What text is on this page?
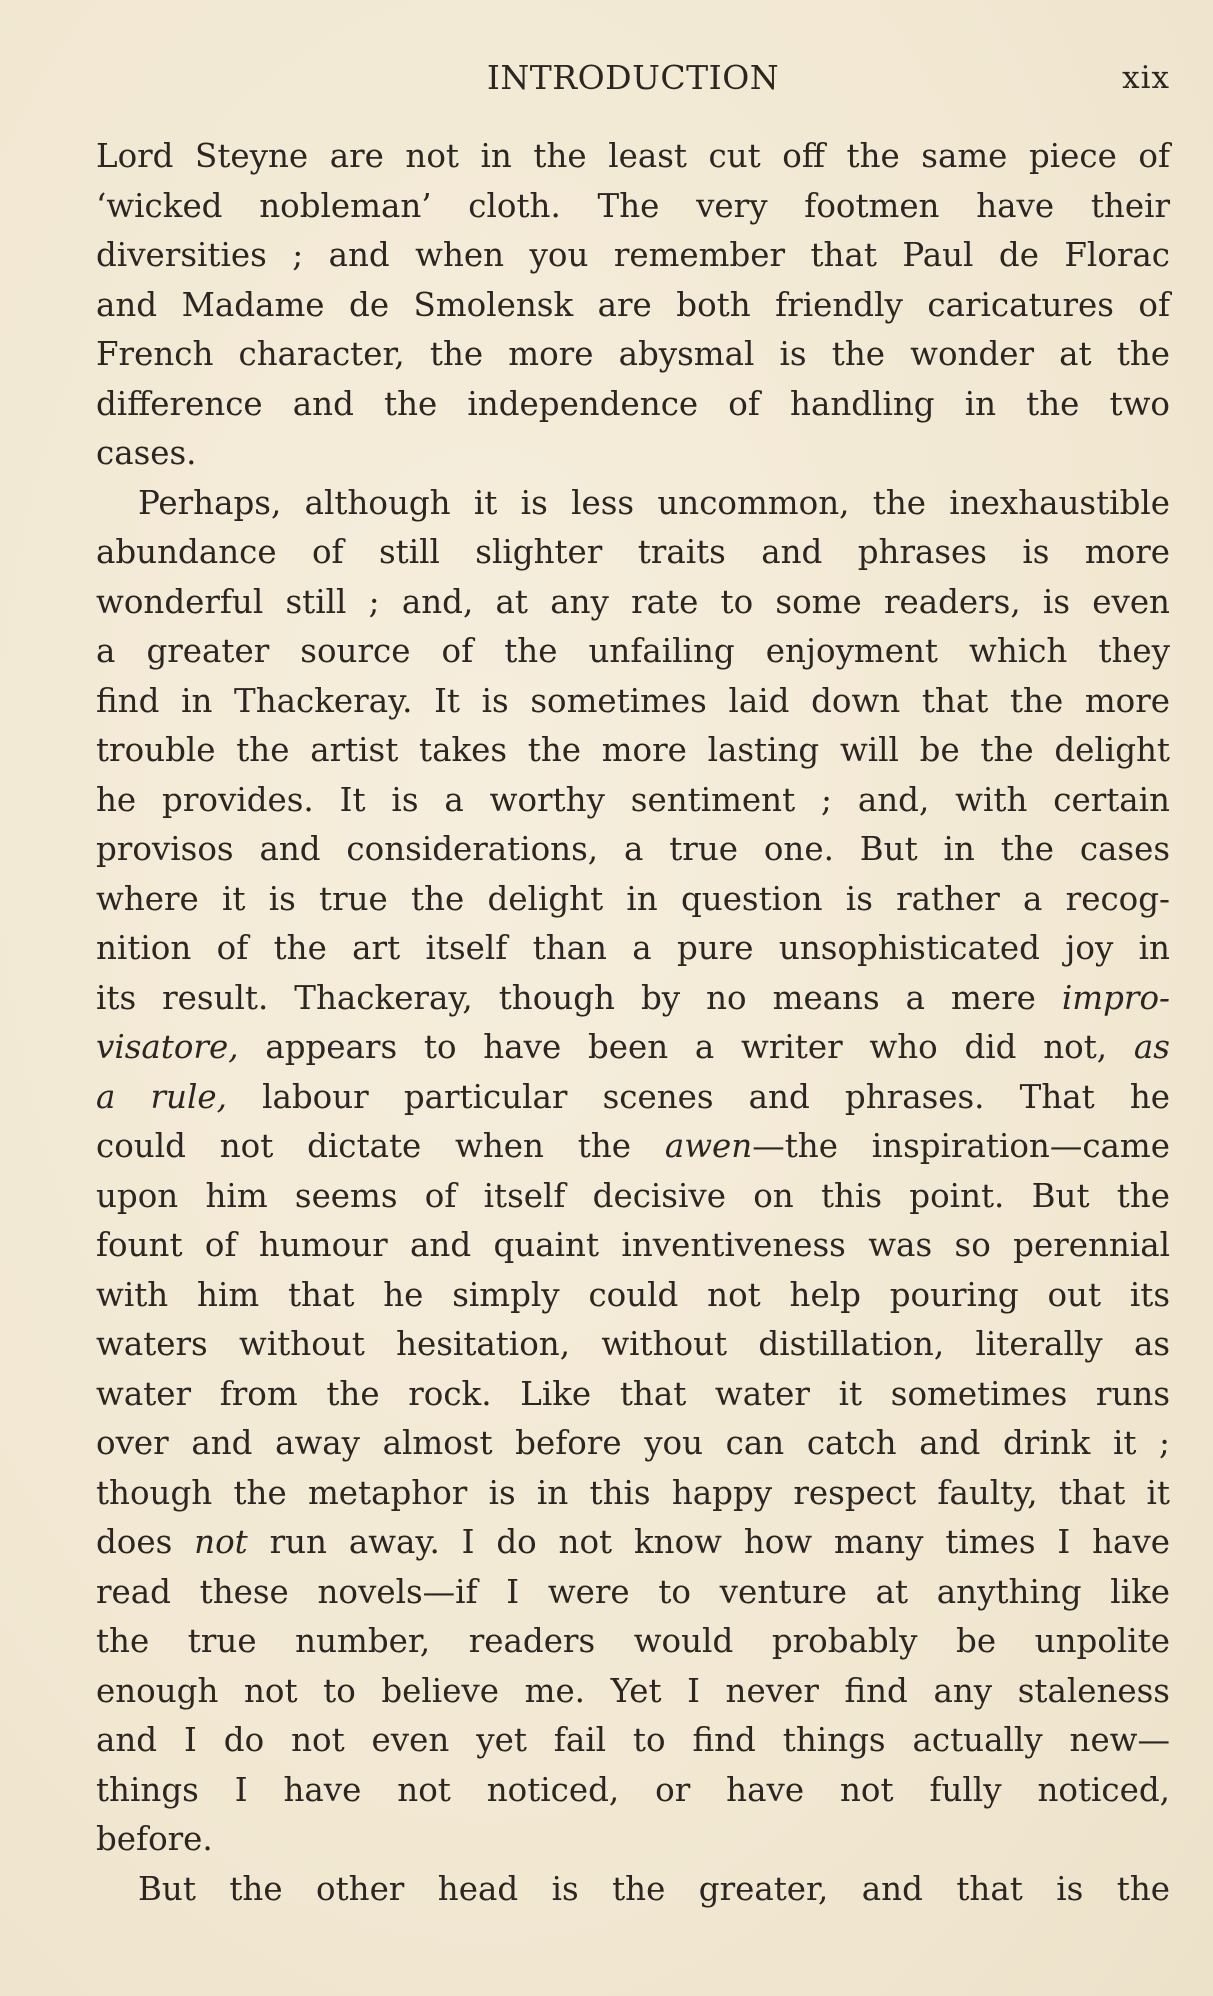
INTRODUCTION	xix
Lord Steyne are not in the least cut off the same piece of
‘wicked nobleman’ cloth. The very footmen have their
diversities ; and when you remember that Paul de Florac
and Madame de Smolensk are both friendly caricatures of
French character, the more abysmal is the wonder at the
difference and the independence of handling in the two
cases.
Perhaps, although it is less uncommon, the inexhaustible
abundance of still slighter traits and phrases is more
wonderful still ; and, at any rate to some readers, is even
a greater source of the unfailing enjoyment which they
find in Thackeray. It is sometimes laid down that the more
trouble the artist takes the more lasting will be the delight
he provides. It is a worthy sentiment ; and, with certain
provisos and considerations, a true one. But in the cases
where it is true the delight in question is rather a recog-
nition of the art itself than a pure unsophisticated joy in
its result. Thackeray, though by no means a mere impro-
visatore, appears to have been a writer who did not, as
a rule, labour particular scenes and phrases. That he
could not dictate when the awen—the inspiration—came
upon him seems of itself decisive on this point. But the
fount of humour and quaint inventiveness was so perennial
with him that he simply could not help pouring out its
waters without hesitation, without distillation, literally as
water from the rock. Like that water it sometimes runs
over and away almost before you can catch and drink it ;
though the metaphor is in this happy respect faulty, that it
does not run away. I do not know how many times I have
read these novels—if I were to venture at anything like
the true number, readers would probably be unpolite
enough not to believe me. Yet I never find any staleness
and I do not even yet fail to find things actually new—
things I have not noticed, or have not fully noticed,
before.
But the other head is the greater, and that is the
